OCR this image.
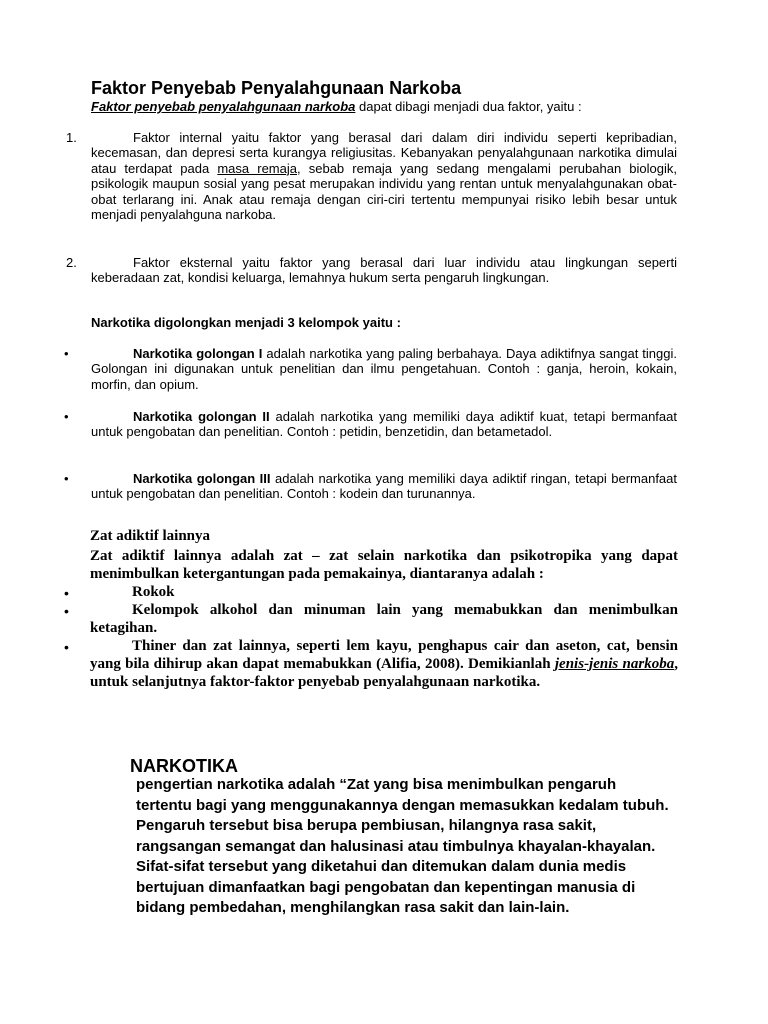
Faktor Penyebab Penyalahgunaan Narkoba
Faktor penyebab penyalahgunaan narkoba dapat dibagi menjadi dua faktor, yaitu :
1.	Faktor internal yaitu faktor yang berasal dari dalam diri individu seperti kepribadian, kecemasan, dan depresi serta kurangya religiusitas. Kebanyakan penyalahgunaan narkotika dimulai atau terdapat pada masa remaja, sebab remaja yang sedang mengalami perubahan biologik, psikologik maupun sosial yang pesat merupakan individu yang rentan untuk menyalahgunakan obat-obat terlarang ini. Anak atau remaja dengan ciri-ciri tertentu mempunyai risiko lebih besar untuk menjadi penyalahguna narkoba.
2.	Faktor eksternal yaitu faktor yang berasal dari luar individu atau lingkungan seperti keberadaan zat, kondisi keluarga, lemahnya hukum serta pengaruh lingkungan.
Narkotika digolongkan menjadi 3 kelompok yaitu :
•	Narkotika golongan I adalah narkotika yang paling berbahaya. Daya adiktifnya sangat tinggi. Golongan ini digunakan untuk penelitian dan ilmu pengetahuan. Contoh : ganja, heroin, kokain, morfin, dan opium.
•	Narkotika golongan II adalah narkotika yang memiliki daya adiktif kuat, tetapi bermanfaat untuk pengobatan dan penelitian. Contoh : petidin, benzetidin, dan betametadol.
•	Narkotika golongan III adalah narkotika yang memiliki daya adiktif ringan, tetapi bermanfaat untuk pengobatan dan penelitian. Contoh : kodein dan turunannya.
Zat adiktif lainnya
Zat adiktif lainnya adalah zat – zat selain narkotika dan psikotropika yang dapat menimbulkan ketergantungan pada pemakainya, diantaranya adalah :
•	Rokok
•	Kelompok alkohol dan minuman lain yang memabukkan dan menimbulkan ketagihan.
•	Thiner dan zat lainnya, seperti lem kayu, penghapus cair dan aseton, cat, bensin yang bila dihirup akan dapat memabukkan (Alifia, 2008). Demikianlah jenis-jenis narkoba, untuk selanjutnya faktor-faktor penyebab penyalahgunaan narkotika.
NARKOTIKA
pengertian narkotika adalah “Zat yang bisa menimbulkan pengaruh tertentu bagi yang menggunakannya dengan memasukkan kedalam tubuh. Pengaruh tersebut bisa berupa pembiusan, hilangnya rasa sakit, rangsangan semangat dan halusinasi atau timbulnya khayalan-khayalan. Sifat-sifat tersebut yang diketahui dan ditemukan dalam dunia medis bertujuan dimanfaatkan bagi pengobatan dan kepentingan manusia di bidang pembedahan, menghilangkan rasa sakit dan lain-lain.
